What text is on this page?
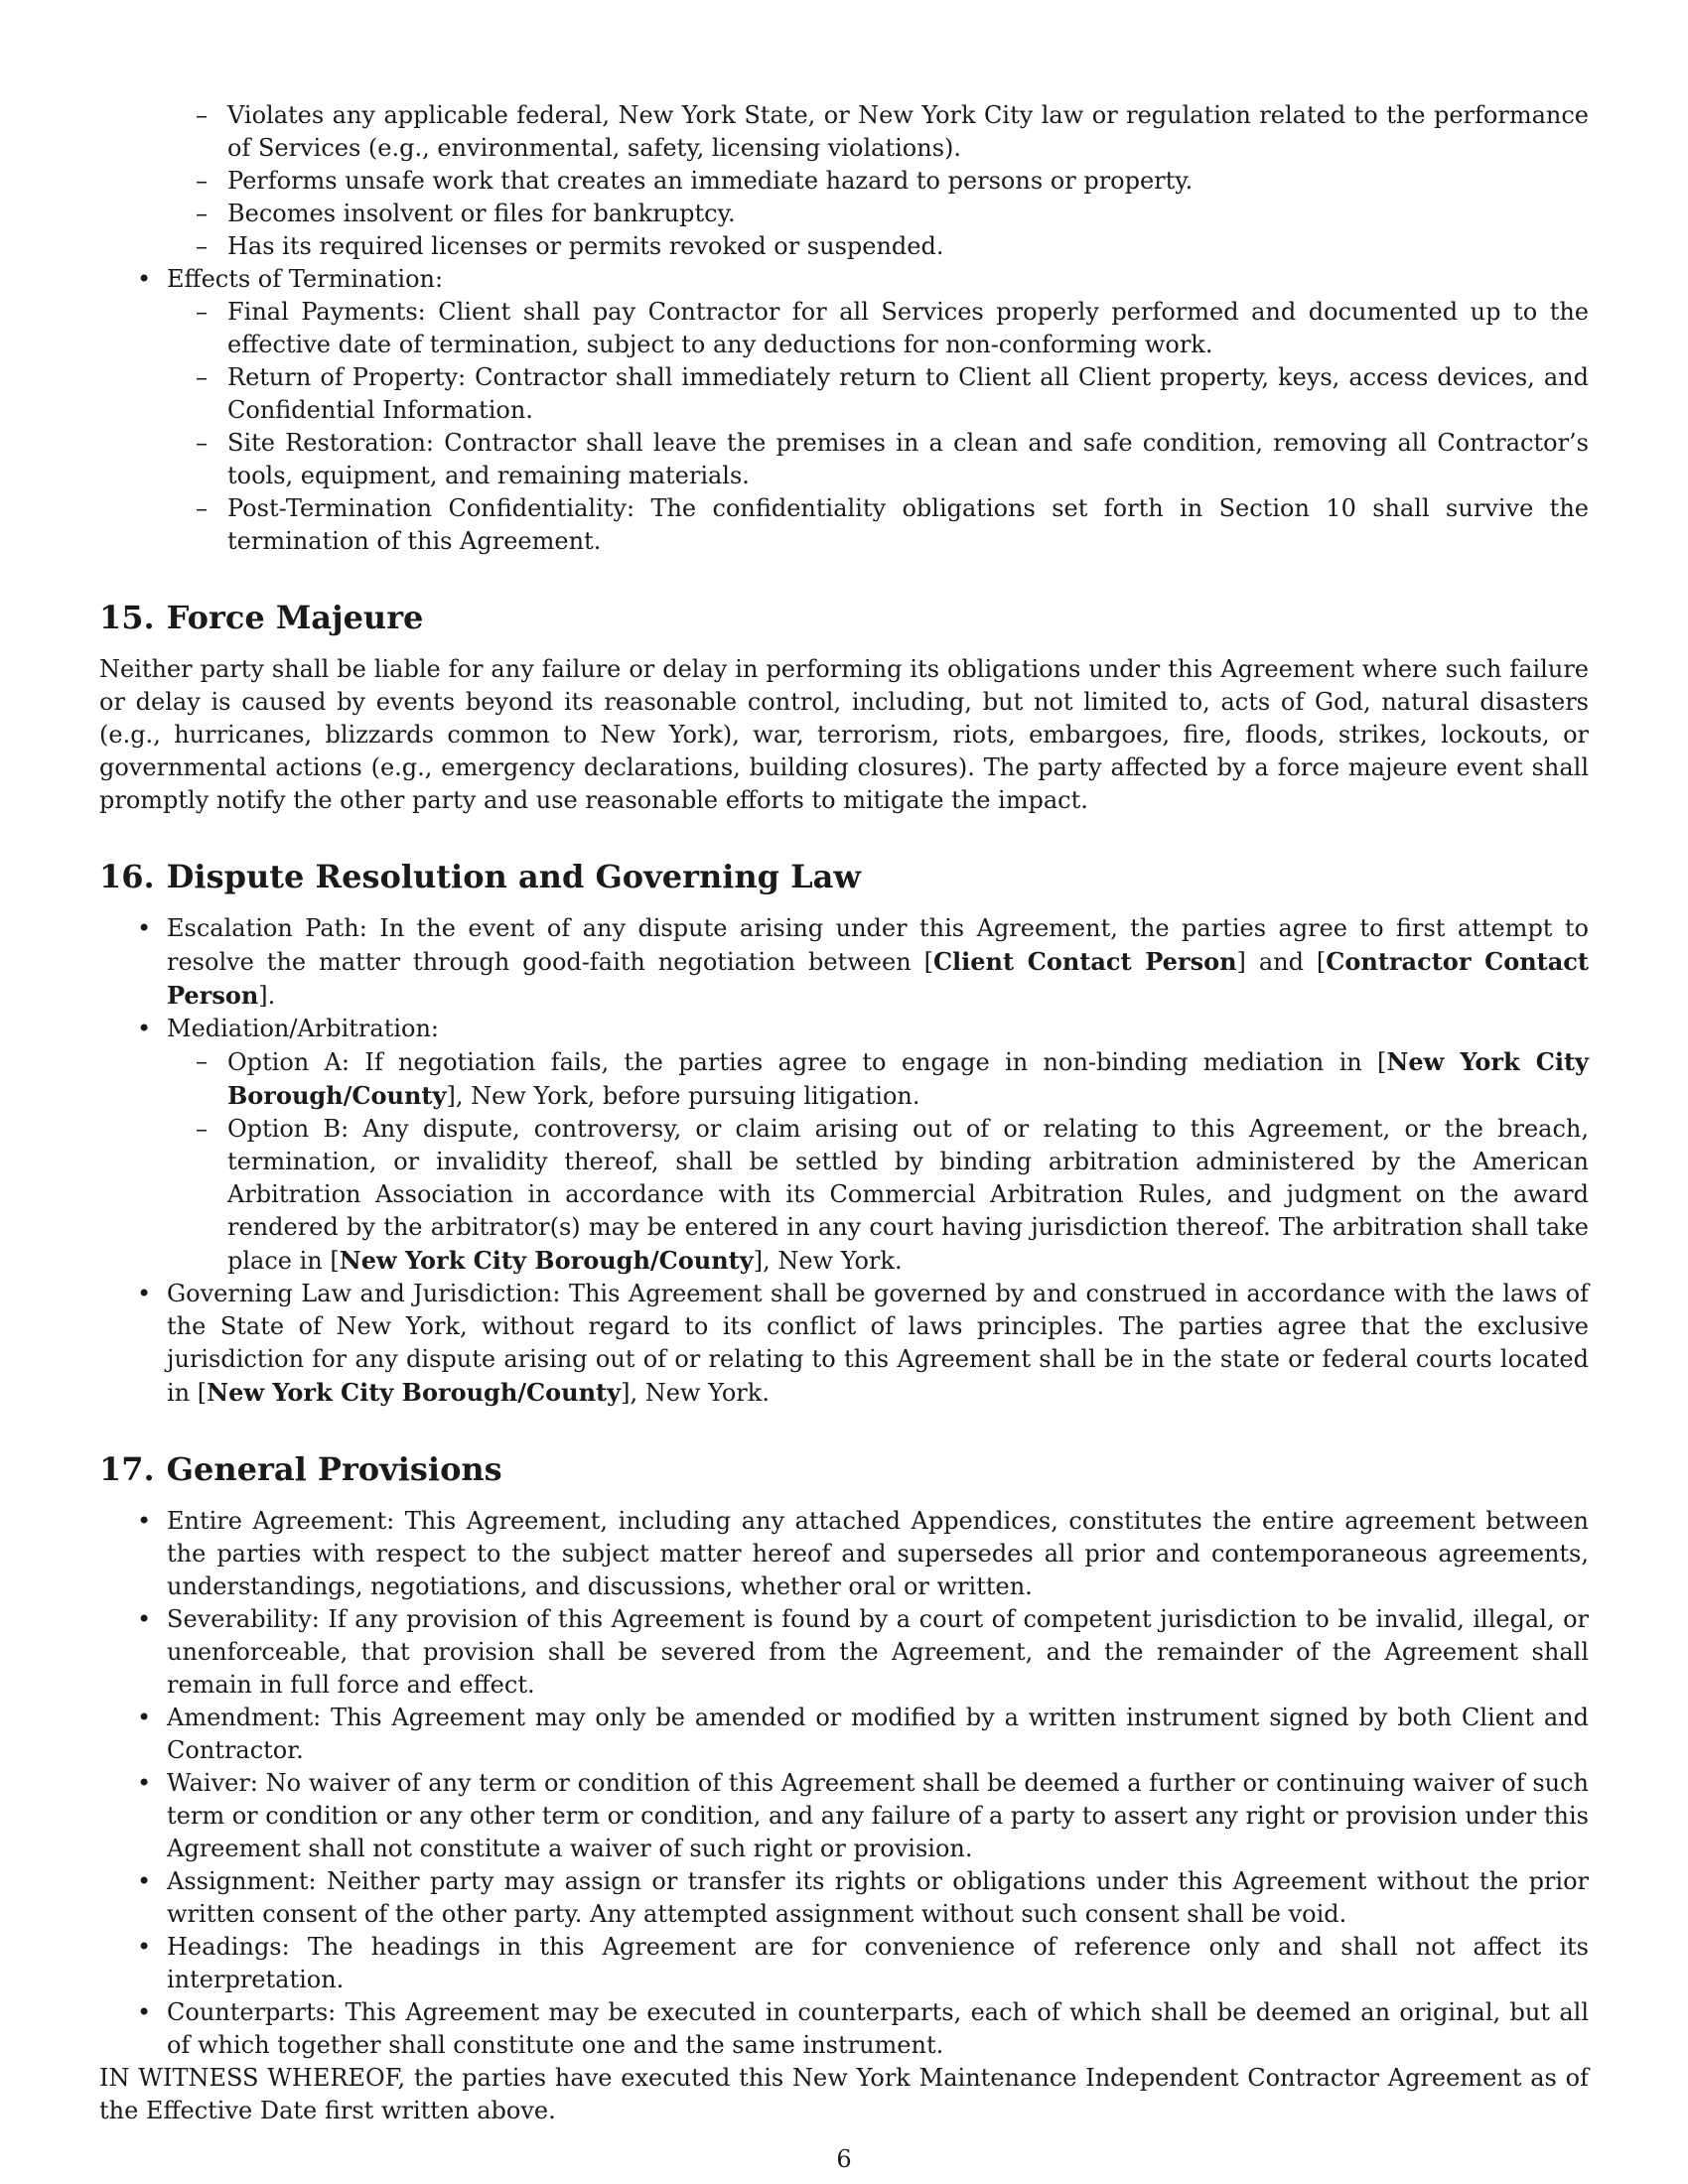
– Violates any applicable federal, New York State, or New York City law or regulation related to the performance of Services (e.g., environmental, safety, licensing violations).
– Performs unsafe work that creates an immediate hazard to persons or property.
– Becomes insolvent or files for bankruptcy.
– Has its required licenses or permits revoked or suspended.
• Effects of Termination:
– Final Payments: Client shall pay Contractor for all Services properly performed and documented up to the effective date of termination, subject to any deductions for non-conforming work.
– Return of Property: Contractor shall immediately return to Client all Client property, keys, access devices, and Confidential Information.
– Site Restoration: Contractor shall leave the premises in a clean and safe condition, removing all Contractor’s tools, equipment, and remaining materials.
– Post-Termination Confidentiality: The confidentiality obligations set forth in Section 10 shall survive the termination of this Agreement.
15. Force Majeure

Neither party shall be liable for any failure or delay in performing its obligations under this Agreement where such failure or delay is caused by events beyond its reasonable control, including, but not limited to, acts of God, natural disasters (e.g., hurricanes, blizzards common to New York), war, terrorism, riots, embargoes, fire, floods, strikes, lockouts, or governmental actions (e.g., emergency declarations, building closures). The party affected by a force majeure event shall promptly notify the other party and use reasonable efforts to mitigate the impact.

16. Dispute Resolution and Governing Law
• Escalation Path: In the event of any dispute arising under this Agreement, the parties agree to first attempt to resolve the matter through good-faith negotiation between [Client Contact Person] and [Contractor Contact Person].
• Mediation/Arbitration:
– Option A: If negotiation fails, the parties agree to engage in non-binding mediation in [New York City Borough/County], New York, before pursuing litigation.
– Option B: Any dispute, controversy, or claim arising out of or relating to this Agreement, or the breach, termination, or invalidity thereof, shall be settled by binding arbitration administered by the American Arbitration Association in accordance with its Commercial Arbitration Rules, and judgment on the award rendered by the arbitrator(s) may be entered in any court having jurisdiction thereof. The arbitration shall take place in [New York City Borough/County], New York.
• Governing Law and Jurisdiction: This Agreement shall be governed by and construed in accordance with the laws of the State of New York, without regard to its conflict of laws principles. The parties agree that the exclusive jurisdiction for any dispute arising out of or relating to this Agreement shall be in the state or federal courts located in [New York City Borough/County], New York.
17. General Provisions
• Entire Agreement: This Agreement, including any attached Appendices, constitutes the entire agreement between the parties with respect to the subject matter hereof and supersedes all prior and contemporaneous agreements, understandings, negotiations, and discussions, whether oral or written.
• Severability: If any provision of this Agreement is found by a court of competent jurisdiction to be invalid, illegal, or unenforceable, that provision shall be severed from the Agreement, and the remainder of the Agreement shall remain in full force and effect.
• Amendment: This Agreement may only be amended or modified by a written instrument signed by both Client and Contractor.
• Waiver: No waiver of any term or condition of this Agreement shall be deemed a further or continuing waiver of such term or condition or any other term or condition, and any failure of a party to assert any right or provision under this Agreement shall not constitute a waiver of such right or provision.
• Assignment: Neither party may assign or transfer its rights or obligations under this Agreement without the prior written consent of the other party. Any attempted assignment without such consent shall be void.
• Headings: The headings in this Agreement are for convenience of reference only and shall not affect its interpretation.
• Counterparts: This Agreement may be executed in counterparts, each of which shall be deemed an original, but all of which together shall constitute one and the same instrument.

IN WITNESS WHEREOF, the parties have executed this New York Maintenance Independent Contractor Agreement as of the Effective Date first written above.

6
